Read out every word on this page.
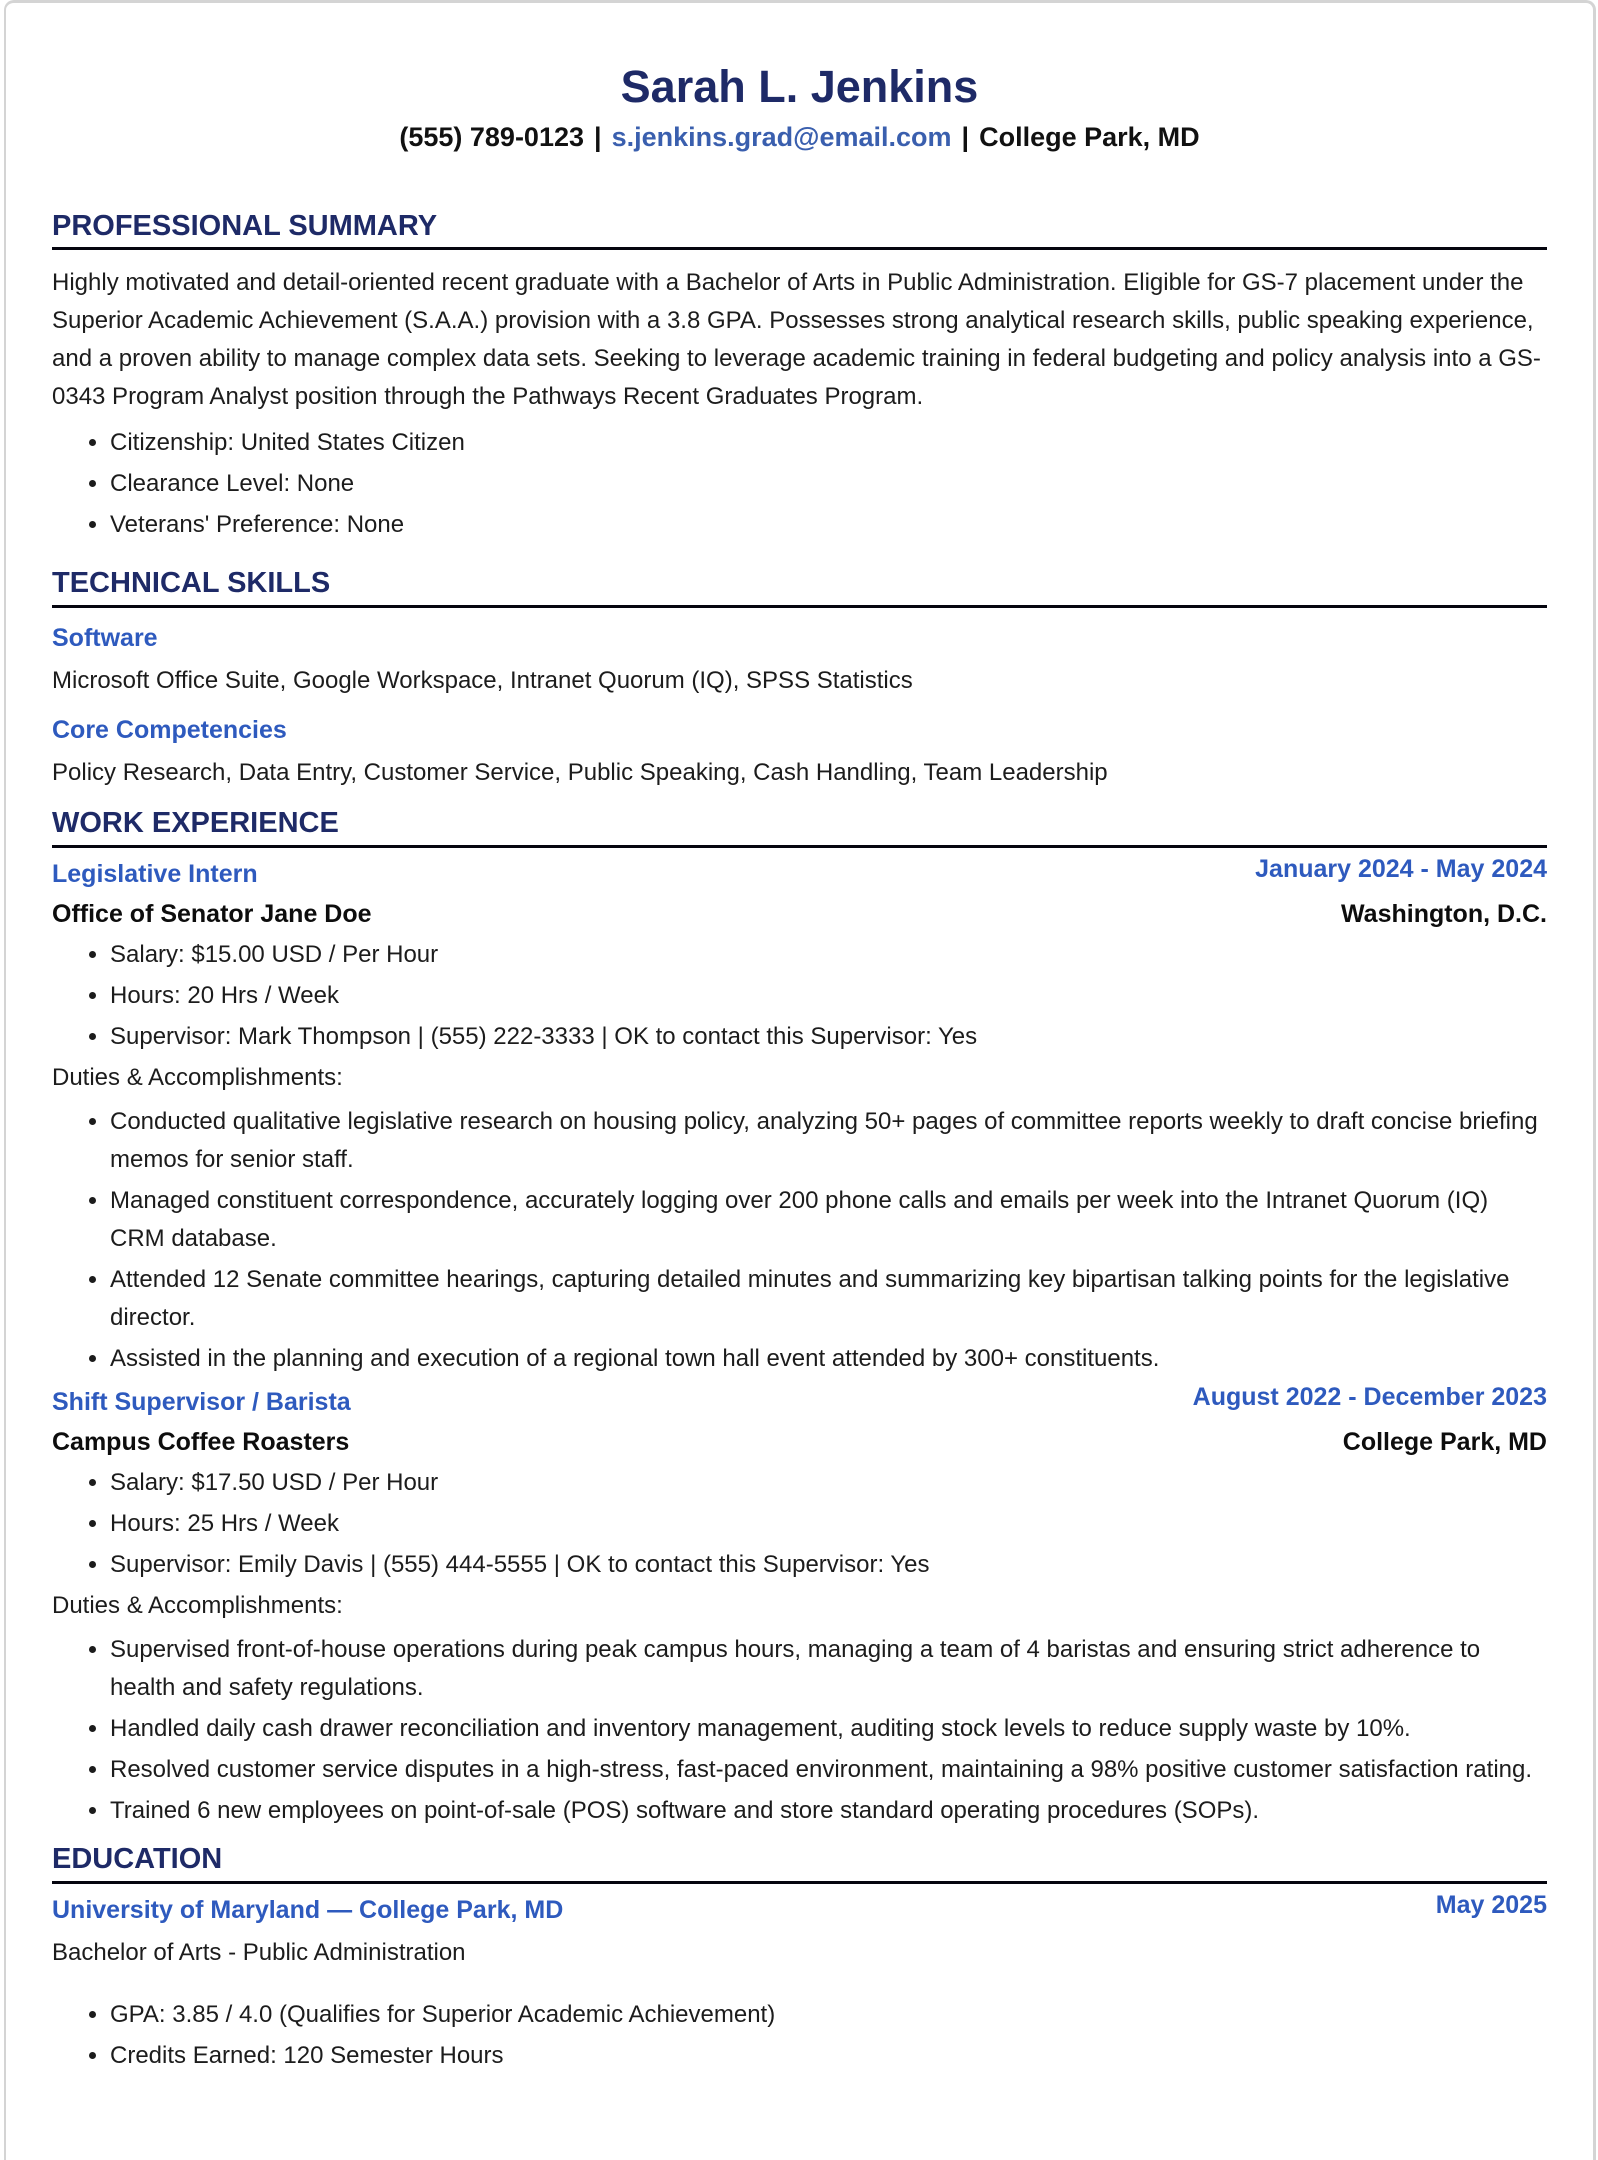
Sarah L. Jenkins
(555) 789-0123 | s.jenkins.grad@email.com | College Park, MD
PROFESSIONAL SUMMARY

Highly motivated and detail-oriented recent graduate with a Bachelor of Arts in Public Administration. Eligible for GS-7 placement under the Superior Academic Achievement (S.A.A.) provision with a 3.8 GPA. Possesses strong analytical research skills, public speaking experience, and a proven ability to manage complex data sets. Seeking to leverage academic training in federal budgeting and policy analysis into a GS-0343 Program Analyst position through the Pathways Recent Graduates Program.

• Citizenship: United States Citizen
• Clearance Level: None
• Veterans' Preference: None
TECHNICAL SKILLS
Software

Microsoft Office Suite, Google Workspace, Intranet Quorum (IQ), SPSS Statistics

Core Competencies

Policy Research, Data Entry, Customer Service, Public Speaking, Cash Handling, Team Leadership

WORK EXPERIENCE
Legislative Intern	January 2024 - May 2024
Office of Senator Jane Doe	Washington, D.C.
• Salary: $15.00 USD / Per Hour
• Hours: 20 Hrs / Week
• Supervisor: Mark Thompson | (555) 222-3333 | OK to contact this Supervisor: Yes

Duties & Accomplishments:

• Conducted qualitative legislative research on housing policy, analyzing 50+ pages of committee reports weekly to draft concise briefing memos for senior staff.
• Managed constituent correspondence, accurately logging over 200 phone calls and emails per week into the Intranet Quorum (IQ) CRM database.
• Attended 12 Senate committee hearings, capturing detailed minutes and summarizing key bipartisan talking points for the legislative director.
• Assisted in the planning and execution of a regional town hall event attended by 300+ constituents.
Shift Supervisor / Barista	August 2022 - December 2023
Campus Coffee Roasters	College Park, MD
• Salary: $17.50 USD / Per Hour
• Hours: 25 Hrs / Week
• Supervisor: Emily Davis | (555) 444-5555 | OK to contact this Supervisor: Yes

Duties & Accomplishments:

• Supervised front-of-house operations during peak campus hours, managing a team of 4 baristas and ensuring strict adherence to health and safety regulations.
• Handled daily cash drawer reconciliation and inventory management, auditing stock levels to reduce supply waste by 10%.
• Resolved customer service disputes in a high-stress, fast-paced environment, maintaining a 98% positive customer satisfaction rating.
• Trained 6 new employees on point-of-sale (POS) software and store standard operating procedures (SOPs).
EDUCATION
University of Maryland — College Park, MD	May 2025

Bachelor of Arts - Public Administration

• GPA: 3.85 / 4.0 (Qualifies for Superior Academic Achievement)
• Credits Earned: 120 Semester Hours
